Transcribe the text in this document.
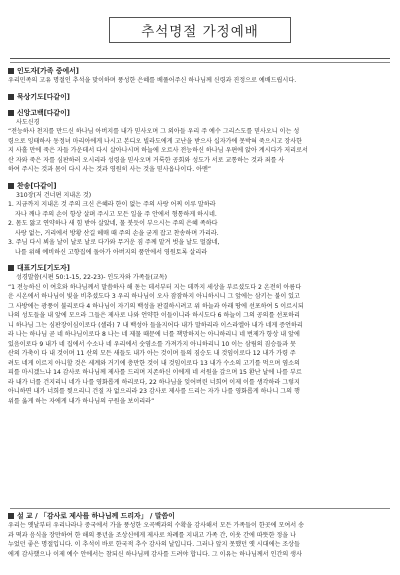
추석명절 가정예배

인도자[가족 중에서]

우리민족의 고유 명절인 추석을 맞이하며 풍성한 은혜를 베풀어주신 하나님께 신령과 진정으로 예배드립시다.

묵상기도[다같이]

신앙고백[다같이]

사도신경

“전능하사 천지를 만드신 하나님 아버지를 내가 믿사오며 그 외아들 우리 주 예수 그리스도를 믿사오니 이는 성

령으로 잉태하사 동정녀 마리아에게 나시고 본디오 빌라도에게 고난을 받으사 십자가에 못박혀 죽으시고 장사한

지 사흘 만에 죽은 자들 가운데서 다시 살아나시며 하늘에 오르사 전능하신 하나님 우편에 앉아 계시다가 저리로서

산 자와 죽은 자를 심판하러 오시리라 성령을 믿사오며 거룩한 공회와 성도가 서로 교통하는 것과 죄를 사

하여 주시는 것과 몸이 다시 사는 것과 영원히 사는 것을 믿사옵나이다. 아멘”

찬송[다같이]

310장(저 건너편 지내온 것)

1. 지금까지 지내온 것 주의 크신 은혜라 한이 없는 주의 사랑 어찌 이루 말하라

자나 깨나 주의 손이 항상 살펴 주시고 모든 일을 주 안에서 형통하게 하시네.

2. 몸도 앓고 연약하나 새 힘 받아 살았네, 물 붓듯이 부으시는 주의 은혜 족하다

사랑 없는, 거리에서 방황 산길 헤매 때 주의 손을 굳게 잡고 찬송하며 가리라.

3. 주님 다시 뵈올 날이 날로 날로 다가와 무거운 짐 주께 맡겨 벗을 날도 멀잖네,

나를 위해 예비하신 고향집에 돌아가 아버지의 품안에서 영원토록 살리라

대표기도[기도자]

성경말씀(시편 50:1-15, 22-23)- 인도자와 가족들(교독)

“1 전능하신 이 여호와 하나님께서 말씀하사 해 돋는 데서부터 지는 데까지 세상을 부르셨도다 2 온전히 아름다

운 시온에서 하나님이 빛을 비추셨도다 3 우리 하나님이 오사 잠잠하지 아니하시니 그 앞에는 삼키는 불이 있고

그 사방에는 광풍이 불리로다 4 하나님이 자기의 백성을 판결하시려고 위 하늘과 아래 땅에 선포하여 5 이르시되

나의 성도들을 내 앞에 모으라 그들은 제사로 나와 언약한 이들이니라 하시도다 6 하늘이 그의 공의를 선포하리

니 하나님 그는 심판장이심이로다 (셀라) 7 내 백성아 들을지어다 내가 말하리라 이스라엘아 내가 네게 증언하리

라 나는 하나님 곧 네 하나님이로다 8 나는 네 제물 때문에 너를 책망하지는 아니하리니 네 번제가 항상 내 앞에

있음이로다 9 내가 네 집에서 수소나 네 우리에서 숫염소를 가져가지 아니하리니 10 이는 삼림의 짐승들과 뭇

산의 가축이 다 내 것이며 11 산의 모든 새들도 내가 아는 것이며 들의 짐승도 내 것임이로다 12 내가 가령 주

려도 네게 이르지 아니할 것은 세계와 거기에 충만한 것이 내 것임이로다 13 내가 수소의 고기를 먹으며 염소의

피를 마시겠느냐 14 감사로 하나님께 제사를 드리며 지존하신 이에게 네 서원을 갚으며 15 환난 날에 나를 부르

라 내가 너를 건지리니 네가 나를 영화롭게 하리로다, 22 하나님을 잊어버린 너희여 이제 이를 생각하라 그렇지

아니하면 내가 너희를 찢으리니 건질 자 없으리라 23 감사로 제사를 드리는 자가 나를 영화롭게 하나니 그의 행

위를 옳게 하는 자에게 내가 하나님의 구원을 보이리라”

설 교 / 「감사로 제사를 하나님께 드리자」 / 말씀이

우리는 옛날부터 우리나라나 중국에서 가을 풍성한 오곡백과의 수확을 감사해서 모든 가족들이 한곳에 모여서 송

과 떡과 음식을 장만하여 한 해의 풍년을 조상신에게 제사로 차례를 지내고 가족 간, 이웃 간에 따뜻한 정을 나

누었던 좋은 명절입니다. 이 추석이 바로 한국적 추수 감사의 날입니다. 그러나 앞지 못했던 옛 시대에는 조상들

에게 감사했으나 이제 예수 안에서는 참되신 하나님께 감사를 드려야 합니다. 그 이유는 하나님께서 인간의 생사
